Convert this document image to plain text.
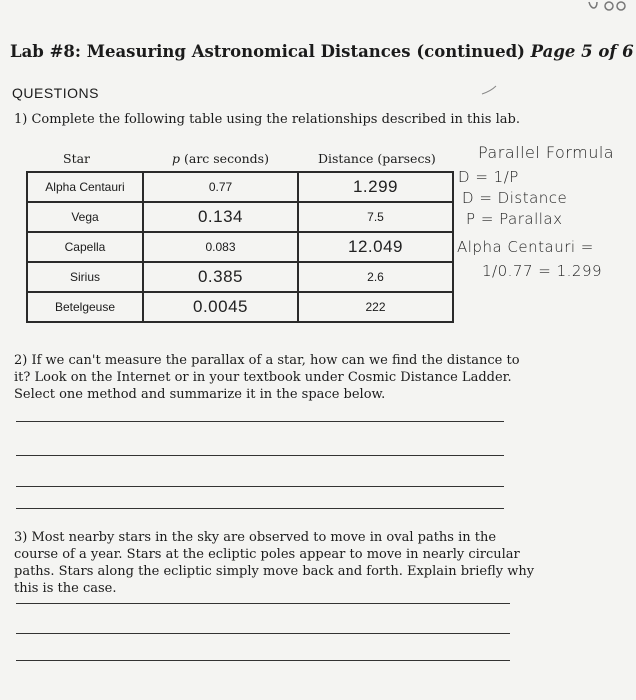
Lab #8: Measuring Astronomical Distances (continued) Page 5 of 6
QUESTIONS
1) Complete the following table using the relationships described in this lab.
Star	p (arc seconds)	Distance (parsecs)
Alpha Centauri	0.77	1.299
Vega	0.134	7.5
Capella	0.083	12.049
Sirius	0.385	2.6
Betelgeuse	0.0045	222
Parallel Formula
D = 1/P
D = Distance
P = Parallax
Alpha Centauri =
1/0.77 = 1.299
2) If we can't measure the parallax of a star, how can we find the distance to it? Look on the Internet or in your textbook under Cosmic Distance Ladder. Select one method and summarize it in the space below.
3) Most nearby stars in the sky are observed to move in oval paths in the course of a year. Stars at the ecliptic poles appear to move in nearly circular paths. Stars along the ecliptic simply move back and forth. Explain briefly why this is the case.
